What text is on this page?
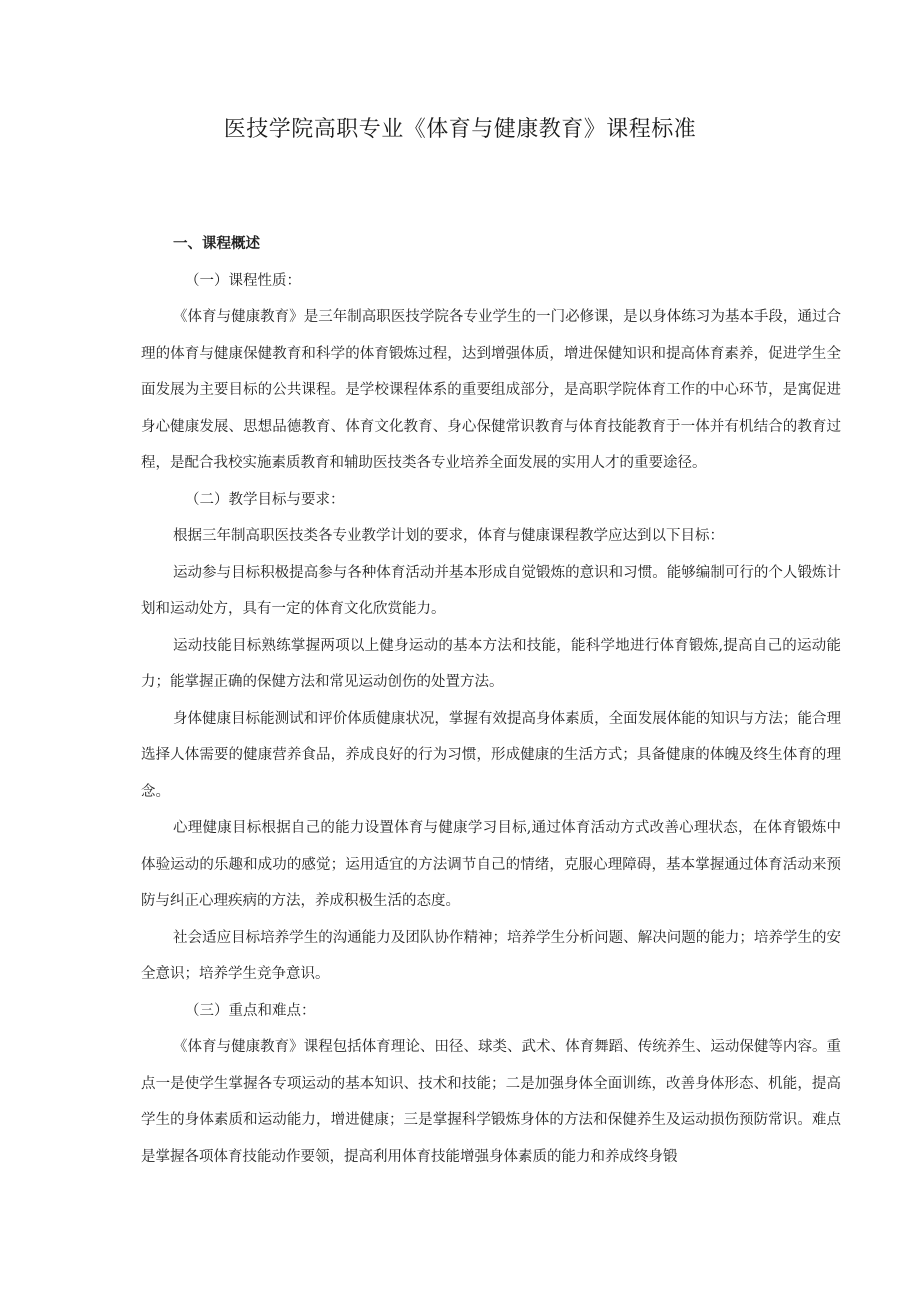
医技学院高职专业《体育与健康教育》课程标准

一、课程概述

（一）课程性质：

《体育与健康教育》是三年制高职医技学院各专业学生的一门必修课，是以身体练习为基本手段，通过合理的体育与健康保健教育和科学的体育锻炼过程，达到增强体质，增进保健知识和提高体育素养，促进学生全面发展为主要目标的公共课程。是学校课程体系的重要组成部分，是高职学院体育工作的中心环节，是寓促进身心健康发展、思想品德教育、体育文化教育、身心保健常识教育与体育技能教育于一体并有机结合的教育过程，是配合我校实施素质教育和辅助医技类各专业培养全面发展的实用人才的重要途径。

（二）教学目标与要求：

根据三年制高职医技类各专业教学计划的要求，体育与健康课程教学应达到以下目标：

运动参与目标积极提高参与各种体育活动并基本形成自觉锻炼的意识和习惯。能够编制可行的个人锻炼计划和运动处方，具有一定的体育文化欣赏能力。

运动技能目标熟练掌握两项以上健身运动的基本方法和技能，能科学地进行体育锻炼,提高自己的运动能力；能掌握正确的保健方法和常见运动创伤的处置方法。

身体健康目标能测试和评价体质健康状况，掌握有效提高身体素质，全面发展体能的知识与方法；能合理选择人体需要的健康营养食品，养成良好的行为习惯，形成健康的生活方式；具备健康的体魄及终生体育的理念。

心理健康目标根据自己的能力设置体育与健康学习目标,通过体育活动方式改善心理状态，在体育锻炼中体验运动的乐趣和成功的感觉；运用适宜的方法调节自己的情绪，克服心理障碍，基本掌握通过体育活动来预防与纠正心理疾病的方法，养成积极生活的态度。

社会适应目标培养学生的沟通能力及团队协作精神；培养学生分析问题、解决问题的能力；培养学生的安全意识；培养学生竞争意识。

（三）重点和难点：

《体育与健康教育》课程包括体育理论、田径、球类、武术、体育舞蹈、传统养生、运动保健等内容。重点一是使学生掌握各专项运动的基本知识、技术和技能；二是加强身体全面训练，改善身体形态、机能，提高学生的身体素质和运动能力，增进健康；三是掌握科学锻炼身体的方法和保健养生及运动损伤预防常识。难点是掌握各项体育技能动作要领，提高利用体育技能增强身体素质的能力和养成终身锻
